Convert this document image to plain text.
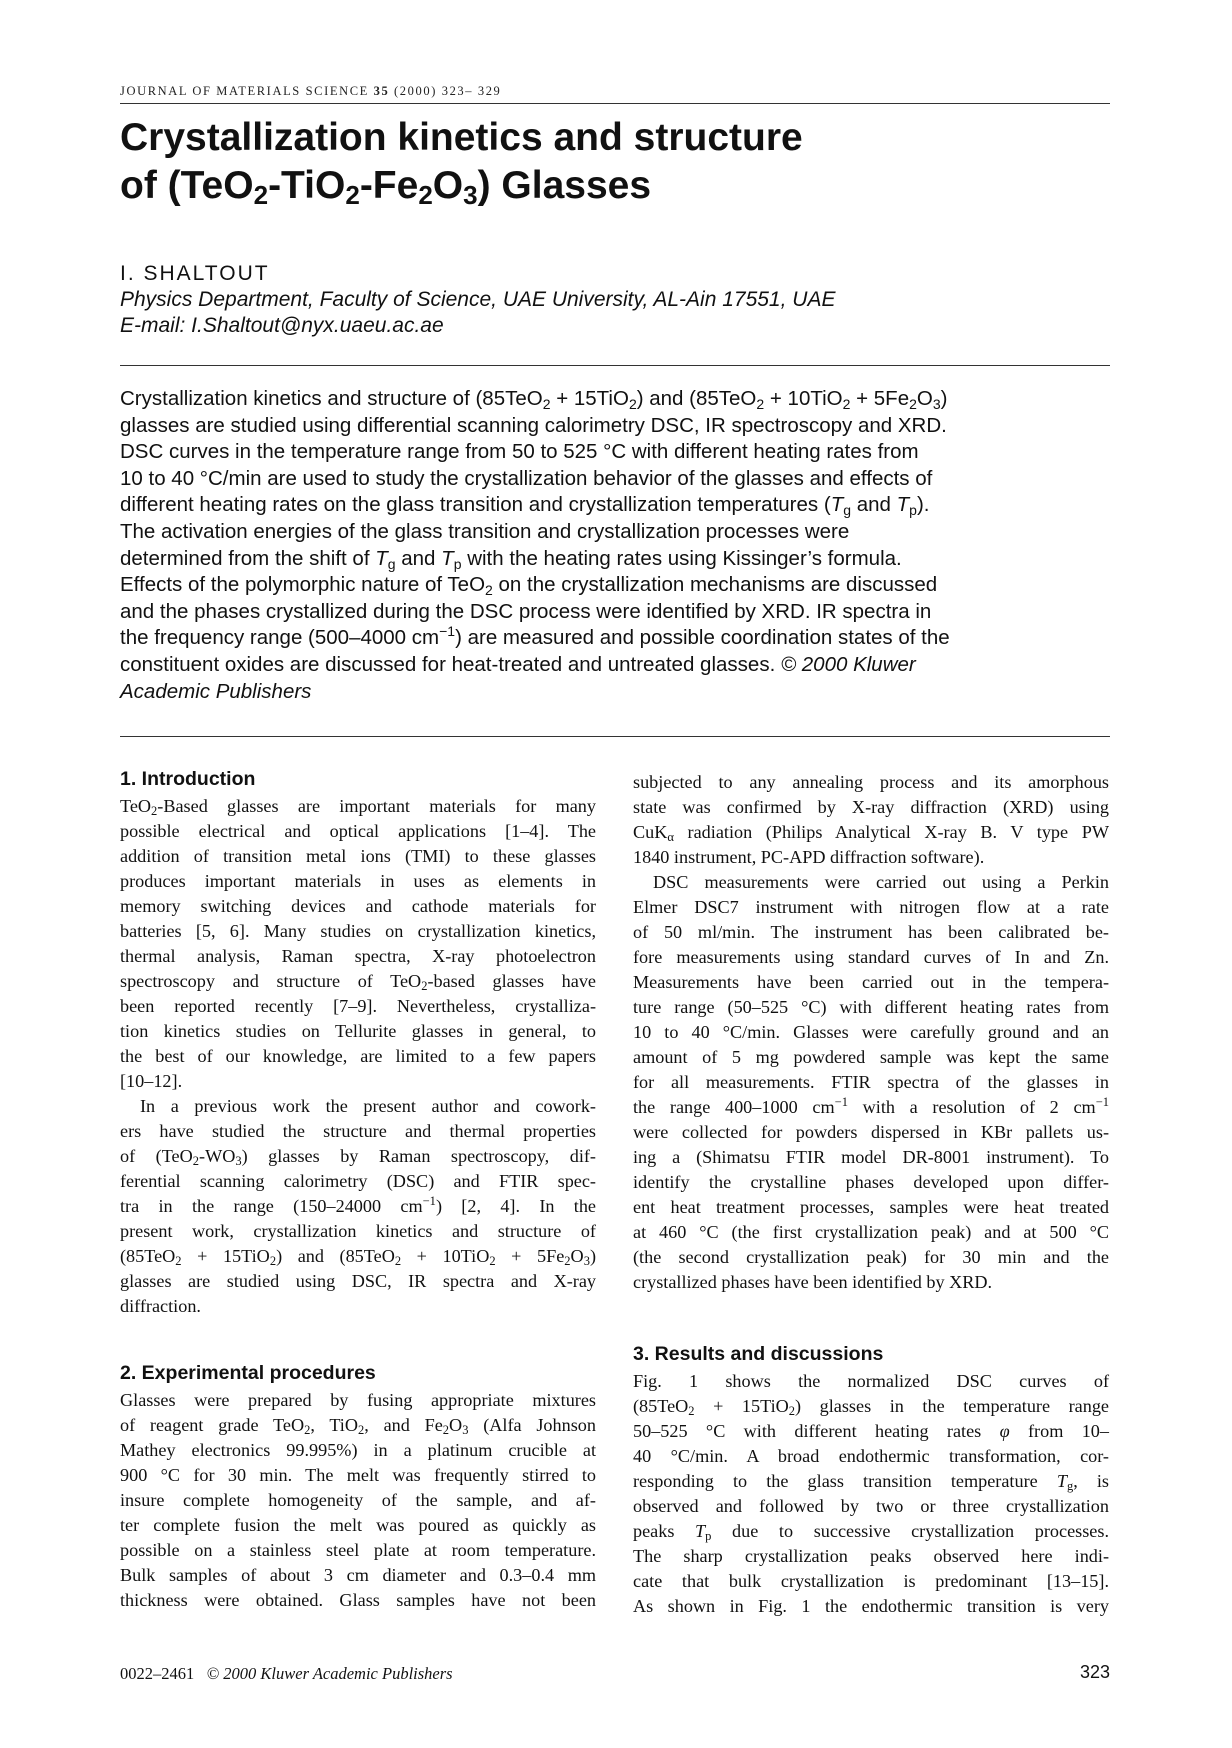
JOURNAL OF MATERIALS SCIENCE 35 (2000) 323– 329
Crystallization kinetics and structure
of $(TeO_2-TiO_2-Fe_2O_3)$ Glasses
I. SHALTOUT
Physics Department, Faculty of Science, UAE University, AL-Ain 17551, UAE
E-mail: I.Shaltout@nyx.uaeu.ac.ae
Crystallization kinetics and structure of (85TeO$_2$ + 15TiO$_2$) and $(85TeO_2 + 10TiO_2 + 5Fe_2O_3)$
glasses are studied using differential scanning calorimetry DSC, IR spectroscopy and XRD.
DSC curves in the temperature range from 50 to 525 °C with different heating rates from
10 to 40 °C/min are used to study the crystallization behavior of the glasses and effects of
different heating rates on the glass transition and crystallization temperatures ($T_g$ and $T_p$).
The activation energies of the glass transition and crystallization processes were
determined from the shift of $T_g$ and $T_p$ with the heating rates using Kissinger’s formula.
Effects of the polymorphic nature of TeO$_2$ on the crystallization mechanisms are discussed
and the phases crystallized during the DSC process were identified by XRD. IR spectra in
the frequency range (500–4000 $cm^{-1}$) are measured and possible coordination states of the
constituent oxides are discussed for heat-treated and untreated glasses. © 2000 Kluwer
Academic Publishers
1. Introduction
TeO$_2$-Based glasses are important materials for many
possible electrical and optical applications [1–4]. The
addition of transition metal ions (TMI) to these glasses
produces important materials in uses as elements in
memory switching devices and cathode materials for
batteries [5, 6]. Many studies on crystallization kinetics,
thermal analysis, Raman spectra, X-ray photoelectron
spectroscopy and structure of TeO$_2$-based glasses have
been reported recently [7–9]. Nevertheless, crystalliza-
tion kinetics studies on Tellurite glasses in general, to
the best of our knowledge, are limited to a few papers
[10–12].
In a previous work the present author and cowork-
ers have studied the structure and thermal properties
of $(TeO_2-WO_3)$ glasses by Raman spectroscopy, dif-
ferential scanning calorimetry (DSC) and FTIR spec-
tra in the range (150–24000 $cm^{-1}$) [2, 4]. In the
present work, crystallization kinetics and structure of
(85TeO$_2$ + 15TiO$_2$) and $(85TeO_2 + 10TiO_2 + 5Fe_2O_3)$
glasses are studied using DSC, IR spectra and X-ray
diffraction.
2. Experimental procedures
Glasses were prepared by fusing appropriate mixtures
of reagent grade TeO$_2$, TiO$_2$, and $Fe_2O_3$ (Alfa Johnson
Mathey electronics 99.995%) in a platinum crucible at
900 °C for 30 min. The melt was frequently stirred to
insure complete homogeneity of the sample, and af-
ter complete fusion the melt was poured as quickly as
possible on a stainless steel plate at room temperature.
Bulk samples of about 3 cm diameter and 0.3–0.4 mm
thickness were obtained. Glass samples have not been
subjected to any annealing process and its amorphous
state was confirmed by X-ray diffraction (XRD) using
CuK$_\alpha$ radiation (Philips Analytical X-ray B. V type PW
1840 instrument, PC-APD diffraction software).
DSC measurements were carried out using a Perkin
Elmer DSC7 instrument with nitrogen flow at a rate
of 50 ml/min. The instrument has been calibrated be-
fore measurements using standard curves of In and Zn.
Measurements have been carried out in the tempera-
ture range (50–525 °C) with different heating rates from
10 to 40 °C/min. Glasses were carefully ground and an
amount of 5 mg powdered sample was kept the same
for all measurements. FTIR spectra of the glasses in
the range 400–1000 $cm^{-1}$ with a resolution of 2 $cm^{-1}$
were collected for powders dispersed in KBr pallets us-
ing a (Shimatsu FTIR model DR-8001 instrument). To
identify the crystalline phases developed upon differ-
ent heat treatment processes, samples were heat treated
at 460 °C (the first crystallization peak) and at 500 °C
(the second crystallization peak) for 30 min and the
crystallized phases have been identified by XRD.
3. Results and discussions
Fig. 1 shows the normalized DSC curves of
(85TeO$_2$ + 15TiO$_2$) glasses in the temperature range
50–525 °C with different heating rates φ from 10–
40 °C/min. A broad endothermic transformation, cor-
responding to the glass transition temperature $T_g$, is
observed and followed by two or three crystallization
peaks $T_p$ due to successive crystallization processes.
The sharp crystallization peaks observed here indi-
cate that bulk crystallization is predominant [13–15].
As shown in Fig. 1 the endothermic transition is very
0022–2461 © 2000 Kluwer Academic Publishers	323
